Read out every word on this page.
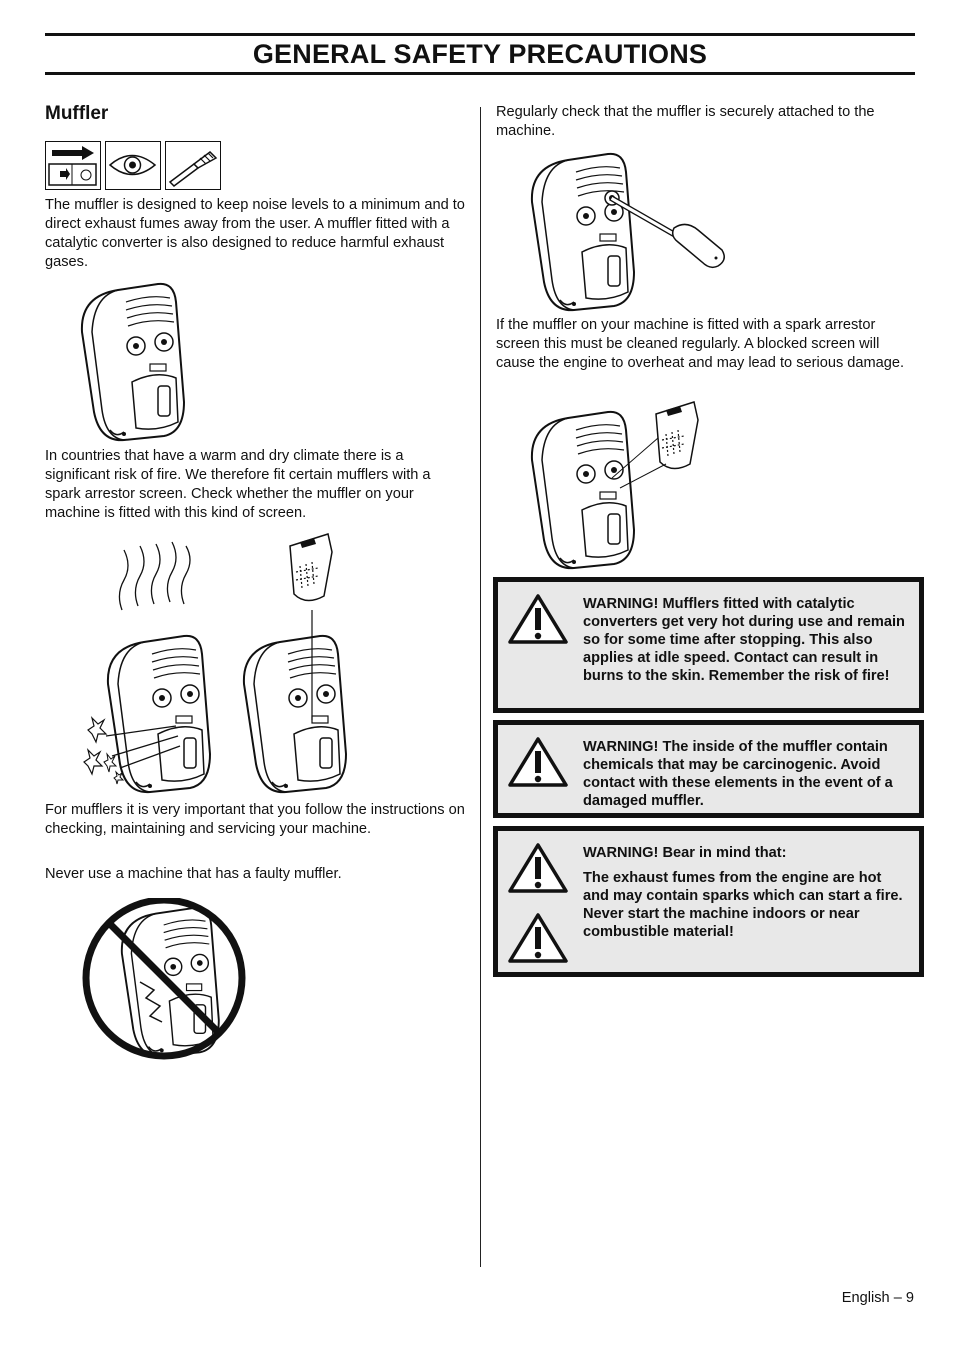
GENERAL SAFETY PRECAUTIONS
Muffler

The muffler is designed to keep noise levels to a minimum and to direct exhaust fumes away from the user. A muffler fitted with a catalytic converter is also designed to reduce harmful exhaust gases.

In countries that have a warm and dry climate there is a significant risk of fire. We therefore fit certain mufflers with a spark arrestor screen. Check whether the muffler on your machine is fitted with this kind of screen.

For mufflers it is very important that you follow the instructions on checking, maintaining and servicing your machine.

Never use a machine that has a faulty muffler.

Regularly check that the muffler is securely attached to the machine.

If the muffler on your machine is fitted with a spark arrestor screen this must be cleaned regularly. A blocked screen will cause the engine to overheat and may lead to serious damage.

WARNING! Mufflers fitted with catalytic converters get very hot during use and remain so for some time after stopping. This also applies at idle speed. Contact can result in burns to the skin. Remember the risk of fire!
WARNING! The inside of the muffler contain chemicals that may be carcinogenic. Avoid contact with these elements in the event of a damaged muffler.
WARNING! Bear in mind that:
The exhaust fumes from the engine are hot and may contain sparks which can start a fire. Never start the machine indoors or near combustible material!
English – 9
